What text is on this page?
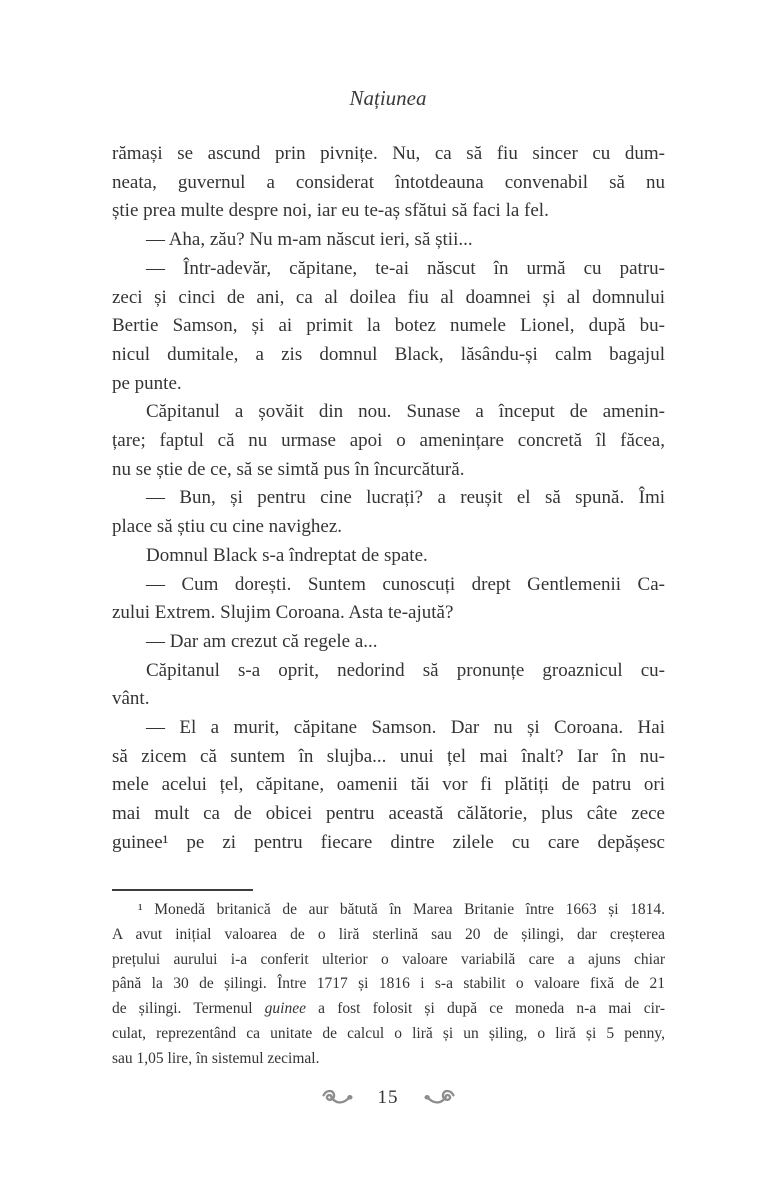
Națiunea
rămași se ascund prin pivnițe. Nu, ca să fiu sincer cu dum-
neata, guvernul a considerat întotdeauna convenabil să nu
știe prea multe despre noi, iar eu te-aș sfătui să faci la fel.
— Aha, zău? Nu m-am născut ieri, să știi...
— Într-adevăr, căpitane, te-ai născut în urmă cu patru-
zeci și cinci de ani, ca al doilea fiu al doamnei și al domnului
Bertie Samson, și ai primit la botez numele Lionel, după bu-
nicul dumitale, a zis domnul Black, lăsându-și calm bagajul
pe punte.
Căpitanul a șovăit din nou. Sunase a început de amenin-
țare; faptul că nu urmase apoi o amenințare concretă îl făcea,
nu se știe de ce, să se simtă pus în încurcătură.
— Bun, și pentru cine lucrați? a reușit el să spună. Îmi
place să știu cu cine navighez.
Domnul Black s-a îndreptat de spate.
— Cum dorești. Suntem cunoscuți drept Gentlemenii Ca-
zului Extrem. Slujim Coroana. Asta te-ajută?
— Dar am crezut că regele a...
Căpitanul s-a oprit, nedorind să pronunțe groaznicul cu-
vânt.
— El a murit, căpitane Samson. Dar nu și Coroana. Hai
să zicem că suntem în slujba... unui țel mai înalt? Iar în nu-
mele acelui țel, căpitane, oamenii tăi vor fi plătiți de patru ori
mai mult ca de obicei pentru această călătorie, plus câte zece
guinee¹ pe zi pentru fiecare dintre zilele cu care depășesc
¹ Monedă britanică de aur bătută în Marea Britanie între 1663 și 1814.
A avut inițial valoarea de o liră sterlină sau 20 de șilingi, dar creșterea
prețului aurului i-a conferit ulterior o valoare variabilă care a ajuns chiar
până la 30 de șilingi. Între 1717 și 1816 i s-a stabilit o valoare fixă de 21
de șilingi. Termenul guinee a fost folosit și după ce moneda n-a mai cir-
culat, reprezentând ca unitate de calcul o liră și un șiling, o liră și 5 penny,
sau 1,05 lire, în sistemul zecimal.
15
